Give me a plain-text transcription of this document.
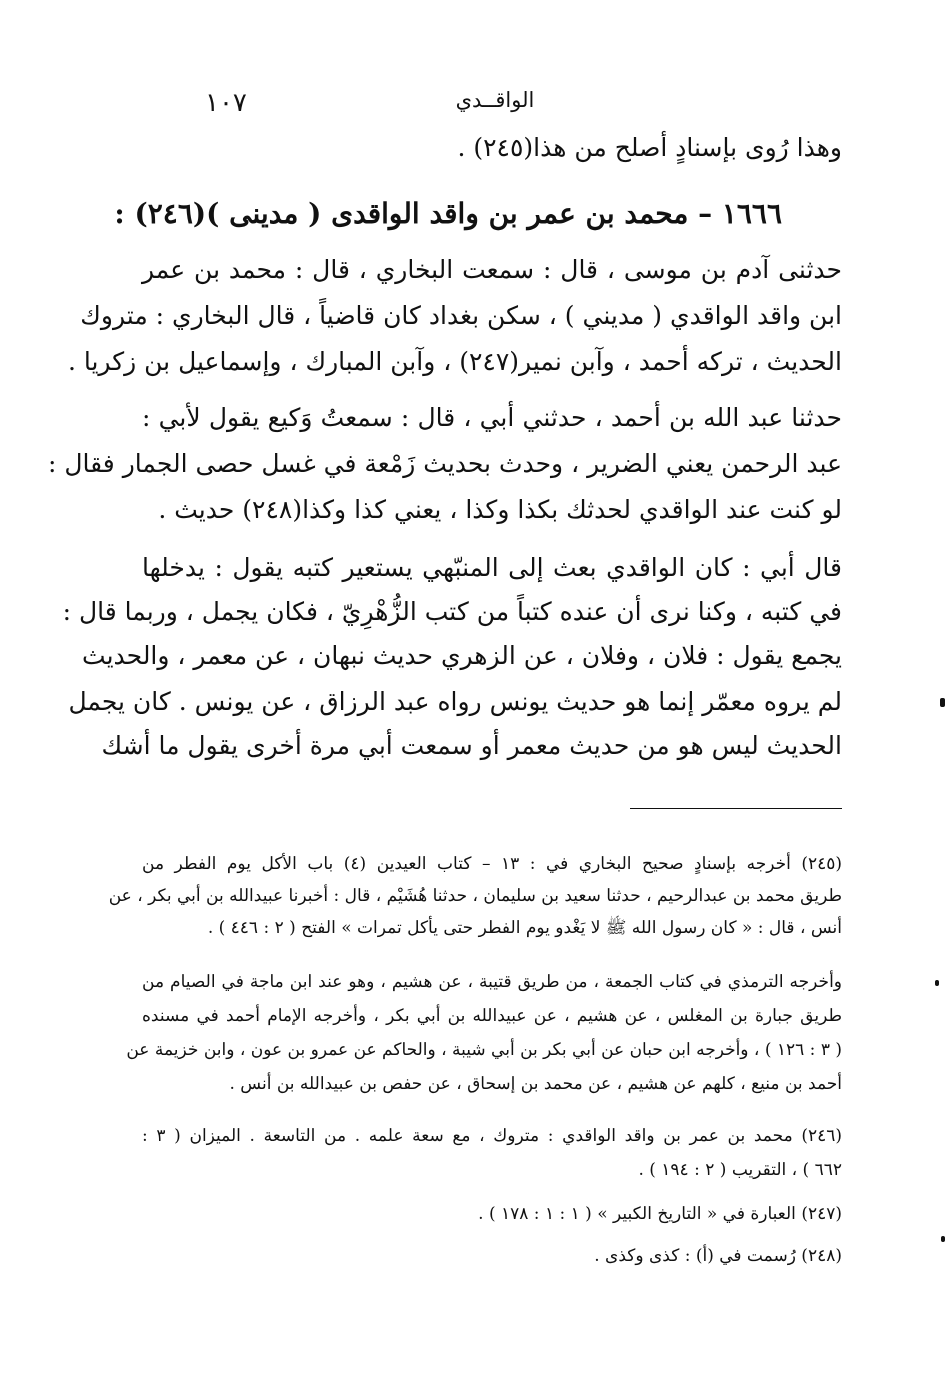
١٠٧	الواقــدي
وهذا رُوى بإسنادٍ أصلح من هذا(٢٤٥) .
١٦٦٦ – محمد بن عمر بن واقد الواقدى ( مدينى )(٢٤٦) :
حدثنى آدم بن موسى ، قال : سمعت البخاري ، قال : محمد بن عمر
ابن واقد الواقدي ( مديني ) ، سكن بغداد كان قاضياً ، قال البخاري : متروك
الحديث ، تركه أحمد ، وآبن نمير(٢٤٧) ، وآبن المبارك ، وإسماعيل بن زكريا .
حدثنا عبد الله بن أحمد ، حدثني أبي ، قال : سمعتُ وَكيع يقول لأبي :
عبد الرحمن يعني الضرير ، وحدث بحديث زَمْعة في غسل حصى الجمار فقال :
لو كنت عند الواقدي لحدثك بكذا وكذا ، يعني كذا وكذا(٢٤٨) حديث .
قال أبي : كان الواقدي بعث إلى المنبّهي يستعير كتبه يقول : يدخلها
في كتبه ، وكنا نرى أن عنده كتباً من كتب الزُّهْرِيّ ، فكان يجمل ، وربما قال :
يجمع يقول : فلان ، وفلان ، عن الزهري حديث نبهان ، عن معمر ، والحديث
لم يروه معمّر إنما هو حديث يونس رواه عبد الرزاق ، عن يونس . كان يجمل
الحديث ليس هو من حديث معمر أو سمعت أبي مرة أخرى يقول ما أشك
(٢٤٥) أخرجه بإسنادٍ صحيح البخاري في : ١٣ – كتاب العيدين (٤) باب الأكل يوم الفطر من
طريق محمد بن عبدالرحيم ، حدثنا سعيد بن سليمان ، حدثنا هُشَيْم ، قال : أخبرنا عبيدالله بن أبي بكر ، عن
أنس ، قال : « كان رسول الله ﷺ لا يَغْدو يوم الفطر حتى يأكل تمرات » الفتح ( ٢ : ٤٤٦ ) .
وأخرجه الترمذي في كتاب الجمعة ، من طريق قتيبة ، عن هشيم ، وهو عند ابن ماجة في الصيام من
طريق جبارة بن المغلس ، عن هشيم ، عن عبيدالله بن أبي بكر ، وأخرجه الإمام أحمد في مسنده
( ٣ : ١٢٦ ) ، وأخرجه ابن حبان عن أبي بكر بن أبي شيبة ، والحاكم عن عمرو بن عون ، وابن خزيمة عن
أحمد بن منيع ، كلهم عن هشيم ، عن محمد بن إسحاق ، عن حفص بن عبيدالله بن أنس .
(٢٤٦) محمد بن عمر بن واقد الواقدي : متروك ، مع سعة علمه . من التاسعة . الميزان ( ٣ :
٦٦٢ ) ، التقريب ( ٢ : ١٩٤ ) .
(٢٤٧) العبارة في « التاريخ الكبير » ( ١ : ١ : ١٧٨ ) .
(٢٤٨) رُسمت في (أ) : كذى وكذى .
